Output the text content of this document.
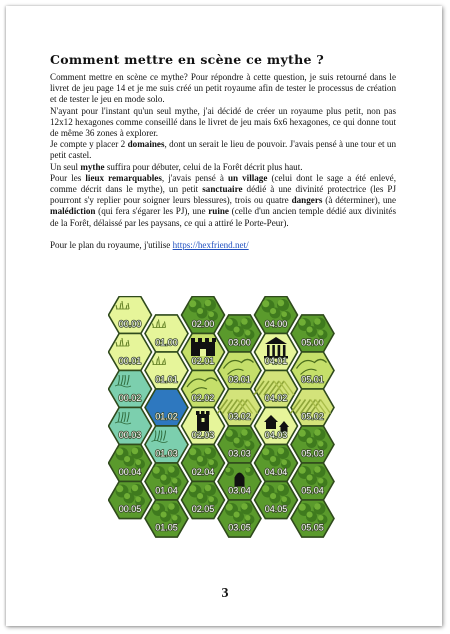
Comment mettre en scène ce mythe ?

Comment mettre en scène ce mythe? Pour répondre à cette question, je suis retourné dans le livret de jeu page 14 et je me suis créé un petit royaume afin de tester le processus de création et de tester le jeu en mode solo.

N'ayant pour l'instant qu'un seul mythe, j'ai décidé de créer un royaume plus petit, non pas 12x12 hexagones comme conseillé dans le livret de jeu mais 6x6 hexagones, ce qui donne tout de même 36 zones à explorer.

Je compte y placer 2 domaines, dont un serait le lieu de pouvoir. J'avais pensé à une tour et un petit castel.

Un seul mythe suffira pour débuter, celui de la Forêt décrit plus haut.

Pour les lieux remarquables, j'avais pensé à un village (celui dont le sage a été enlevé, comme décrit dans le mythe), un petit sanctuaire dédié à une divinité protectrice (les PJ pourront s'y replier pour soigner leurs blessures), trois ou quatre dangers (à déterminer), une malédiction (qui fera s'égarer les PJ), une ruine (celle d'un ancien temple dédié aux divinités de la Forêt, délaissé par les paysans, ce qui a attiré le Porte-Peur).

Pour le plan du royaume, j'utilise https://hexfriend.net/

00.00
00.01
00.02
00.03
00.04
00.05
01.00
01.01
01.02
01.03
01.04
01.05
02.00
02.01
02.02
02.03
02.04
02.05
03.00
03.01
03.02
03.03
03.04
03.05
04.00
04.01
04.02
04.03
04.04
04.05
05.00
05.01
05.02
05.03
05.04
05.05
3
